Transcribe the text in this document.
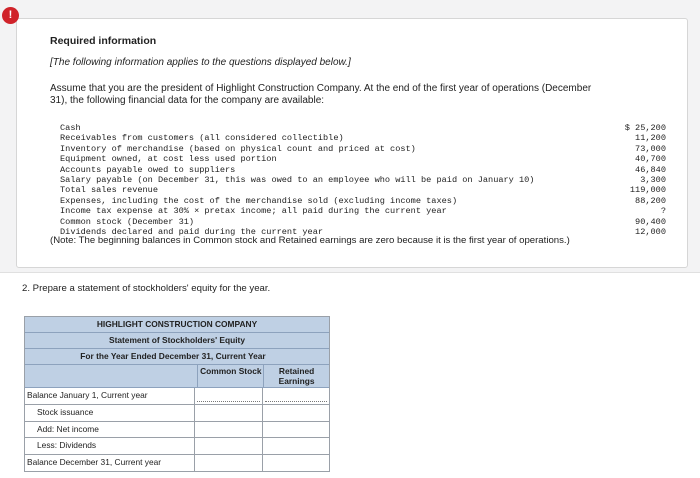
!
Required information
[The following information applies to the questions displayed below.]
Assume that you are the president of Highlight Construction Company. At the end of the first year of operations (December 31), the following financial data for the company are available:
Cash	$ 25,200
Receivables from customers (all considered collectible)	11,200
Inventory of merchandise (based on physical count and priced at cost)	73,000
Equipment owned, at cost less used portion	40,700
Accounts payable owed to suppliers	46,840
Salary payable (on December 31, this was owed to an employee who will be paid on January 10)	3,300
Total sales revenue	119,000
Expenses, including the cost of the merchandise sold (excluding income taxes)	88,200
Income tax expense at 30% × pretax income; all paid during the current year	?
Common stock (December 31)	90,400
Dividends declared and paid during the current year	12,000
(Note: The beginning balances in Common stock and Retained earnings are zero because it is the first year of operations.)
2. Prepare a statement of stockholders' equity for the year.
HIGHLIGHT CONSTRUCTION COMPANY
Statement of Stockholders' Equity
For the Year Ended December 31, Current Year
Common Stock	Retained Earnings
Balance January 1, Current year
Stock issuance
Add: Net income
Less: Dividends
Balance December 31, Current year
